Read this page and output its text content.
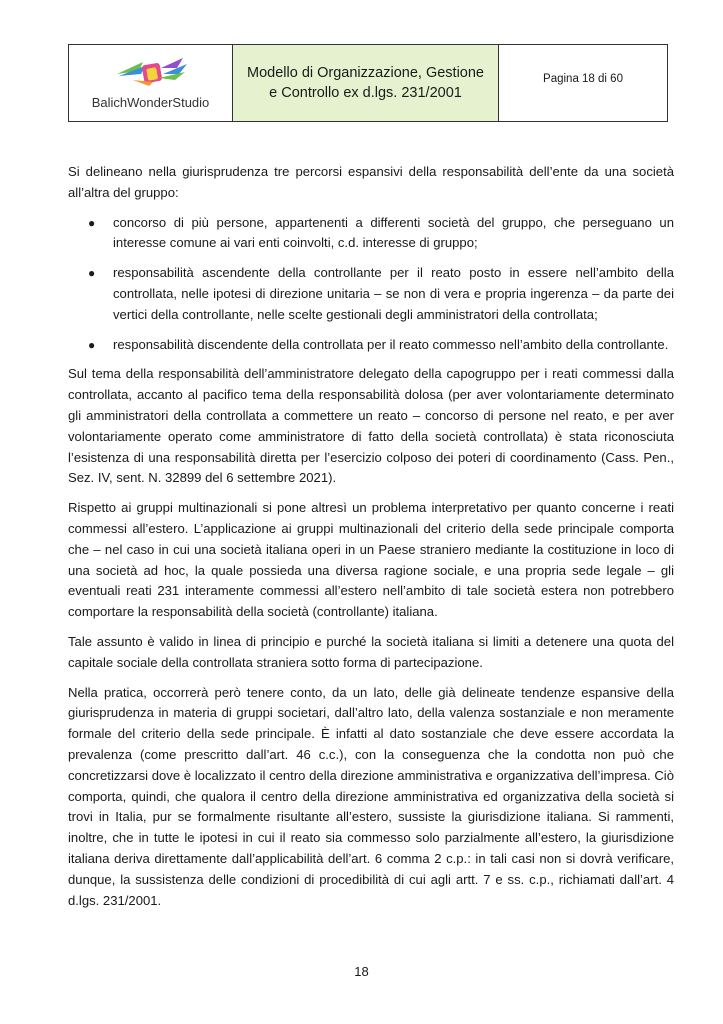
BalichWonderStudio
Modello di Organizzazione, Gestione e Controllo ex d.lgs. 231/2001
Pagina 18 di 60

Si delineano nella giurisprudenza tre percorsi espansivi della responsabilità dell’ente da una società all’altra del gruppo:

● concorso di più persone, appartenenti a differenti società del gruppo, che perseguano un interesse comune ai vari enti coinvolti, c.d. interesse di gruppo;
● responsabilità ascendente della controllante per il reato posto in essere nell’ambito della controllata, nelle ipotesi di direzione unitaria – se non di vera e propria ingerenza – da parte dei vertici della controllante, nelle scelte gestionali degli amministratori della controllata;
● responsabilità discendente della controllata per il reato commesso nell’ambito della controllante.

Sul tema della responsabilità dell’amministratore delegato della capogruppo per i reati commessi dalla controllata, accanto al pacifico tema della responsabilità dolosa (per aver volontariamente determinato gli amministratori della controllata a commettere un reato – concorso di persone nel reato, e per aver volontariamente operato come amministratore di fatto della società controllata) è stata riconosciuta l’esistenza di una responsabilità diretta per l’esercizio colposo dei poteri di coordinamento (Cass. Pen., Sez. IV, sent. N. 32899 del 6 settembre 2021).

Rispetto ai gruppi multinazionali si pone altresì un problema interpretativo per quanto concerne i reati commessi all’estero. L’applicazione ai gruppi multinazionali del criterio della sede principale comporta che – nel caso in cui una società italiana operi in un Paese straniero mediante la costituzione in loco di una società ad hoc, la quale possieda una diversa ragione sociale, e una propria sede legale – gli eventuali reati 231 interamente commessi all’estero nell’ambito di tale società estera non potrebbero comportare la responsabilità della società (controllante) italiana.

Tale assunto è valido in linea di principio e purché la società italiana si limiti a detenere una quota del capitale sociale della controllata straniera sotto forma di partecipazione.

Nella pratica, occorrerà però tenere conto, da un lato, delle già delineate tendenze espansive della giurisprudenza in materia di gruppi societari, dall’altro lato, della valenza sostanziale e non meramente formale del criterio della sede principale. È infatti al dato sostanziale che deve essere accordata la prevalenza (come prescritto dall’art. 46 c.c.), con la conseguenza che la condotta non può che concretizzarsi dove è localizzato il centro della direzione amministrativa e organizzativa dell’impresa. Ciò comporta, quindi, che qualora il centro della direzione amministrativa ed organizzativa della società si trovi in Italia, pur se formalmente risultante all’estero, sussiste la giurisdizione italiana. Si rammenti, inoltre, che in tutte le ipotesi in cui il reato sia commesso solo parzialmente all’estero, la giurisdizione italiana deriva direttamente dall’applicabilità dell’art. 6 comma 2 c.p.: in tali casi non si dovrà verificare, dunque, la sussistenza delle condizioni di procedibilità di cui agli artt. 7 e ss. c.p., richiamati dall’art. 4 d.lgs. 231/2001.

18
